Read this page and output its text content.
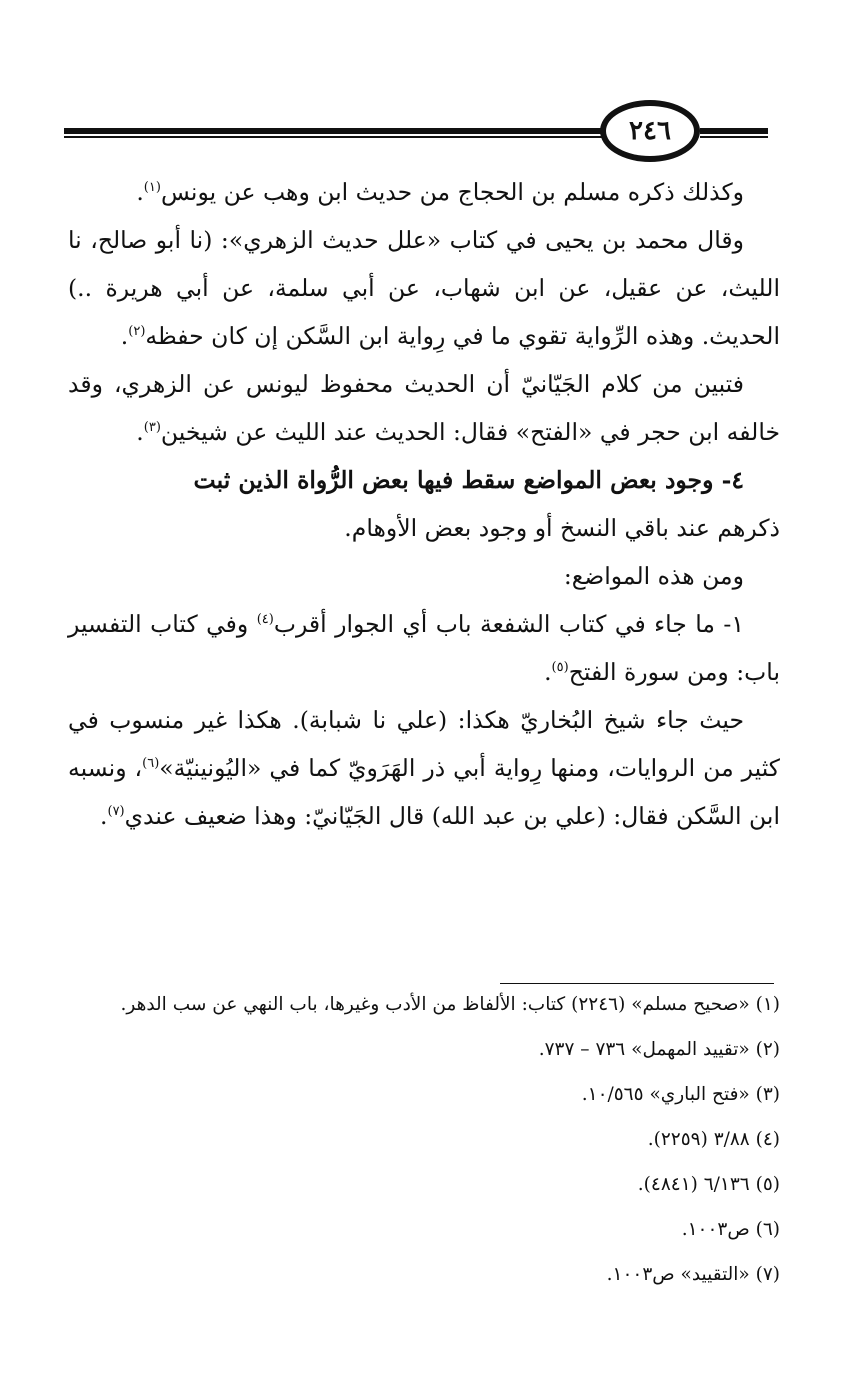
٢٤٦

وكذلك ذكره مسلم بن الحجاج من حديث ابن وهب عن يونس$^{(١)}$.

وقال محمد بن يحيى في كتاب «علل حديث الزهري»: (نا أبو صالح، نا الليث، عن عقيل، عن ابن شهاب، عن أبي سلمة، عن أبي هريرة ..) الحديث. وهذه الرِّواية تقوي ما في رِواية ابن السَّكن إن كان حفظه$^{(٢)}$.

فتبين من كلام الجَيّانيّ أن الحديث محفوظ ليونس عن الزهري، وقد خالفه ابن حجر في «الفتح» فقال: الحديث عند الليث عن شيخين$^{(٣)}$.

٤- وجود بعض المواضع سقط فيها بعض الرُّواة الذين ثبت

ذكرهم عند باقي النسخ أو وجود بعض الأوهام.

ومن هذه المواضع:

١- ما جاء في كتاب الشفعة باب أي الجوار أقرب$^{(٤)}$ وفي كتاب التفسير باب: ومن سورة الفتح$^{(٥)}$.

حيث جاء شيخ البُخاريّ هكذا: (علي نا شبابة). هكذا غير منسوب في كثير من الروايات، ومنها رِواية أبي ذر الهَرَويّ كما في «اليُونينيّة»$^{(٦)}$، ونسبه ابن السَّكن فقال: (علي بن عبد الله) قال الجَيّانيّ: وهذا ضعيف عندي$^{(٧)}$.

(١) «صحيح مسلم» (٢٢٤٦) كتاب: الألفاظ من الأدب وغيرها، باب النهي عن سب الدهر.

(٢) «تقييد المهمل» ٧٣٦ – ٧٣٧.

(٣) «فتح الباري» ١٠/٥٦٥.

(٤) ٣/٨٨ (٢٢٥٩).

(٥) ٦/١٣٦ (٤٨٤١).

(٦) ص١٠٠٣.

(٧) «التقييد» ص١٠٠٣.
